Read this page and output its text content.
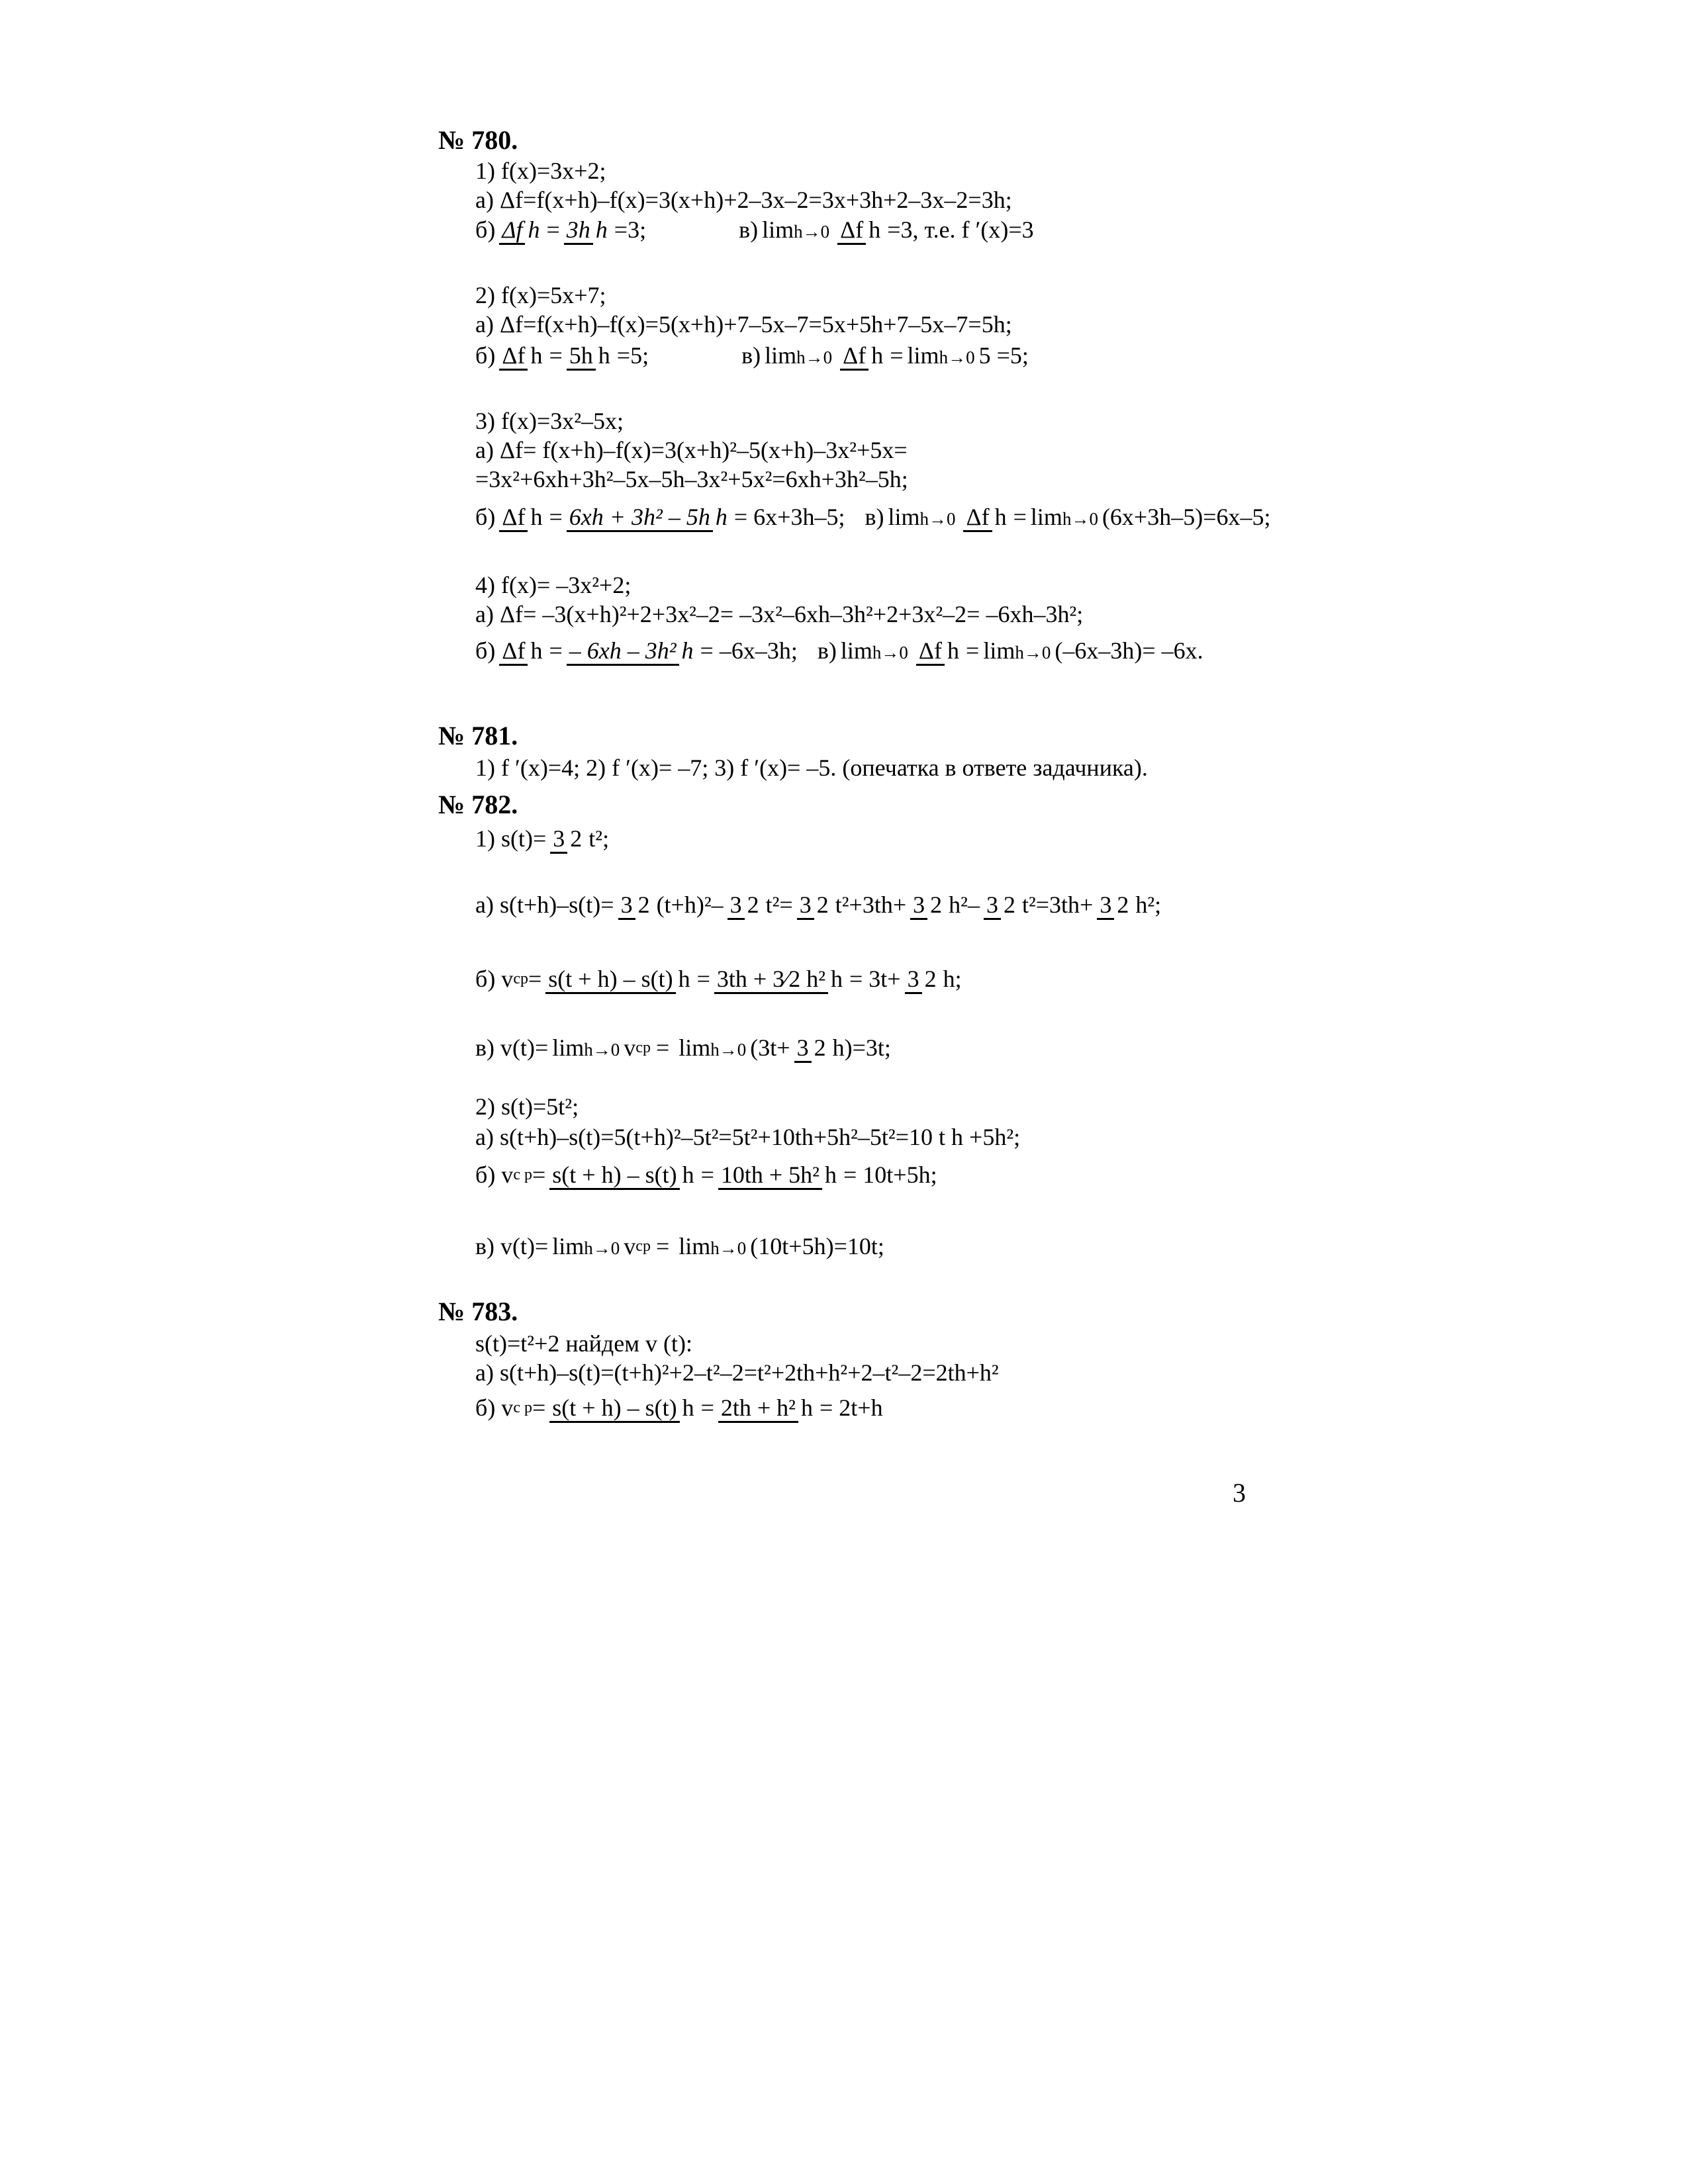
№ 780.
1) f(x)=3x+2;
а) Δf=f(x+h)–f(x)=3(x+h)+2–3x–2=3x+3h+2–3x–2=3h;
б) Δf h = 3h h =3;	в) limh→0 Δf h =3, т.е. f ′(x)=3
2) f(x)=5x+7;
а) Δf=f(x+h)–f(x)=5(x+h)+7–5x–7=5x+5h+7–5x–7=5h;
б) Δf h = 5h h =5;	в) limh→0 Δf h = limh→0 5 =5;
3) f(x)=3x²–5x;
а) Δf= f(x+h)–f(x)=3(x+h)²–5(x+h)–3x²+5x=
=3x²+6xh+3h²–5x–5h–3x²+5x²=6xh+3h²–5h;
б) Δf h = 6xh + 3h² – 5h h = 6x+3h–5; в) limh→0 Δf h = limh→0 (6x+3h–5)=6x–5;
4) f(x)= –3x²+2;
а) Δf= –3(x+h)²+2+3x²–2= –3x²–6xh–3h²+2+3x²–2= –6xh–3h²;
б) Δf h = – 6xh – 3h² h = –6x–3h; в) limh→0 Δf h = limh→0 (–6x–3h)= –6x.
№ 781.
1) f ′(x)=4; 2) f ′(x)= –7; 3) f ′(x)= –5. (опечатка в ответе задачника).
№ 782.
1) s(t)= 3 2 t²;
а) s(t+h)–s(t)= 3 2 (t+h)²– 3 2 t²= 3 2 t²+3th+ 3 2 h²– 3 2 t²=3th+ 3 2 h²;
б) v ср = s(t + h) – s(t) h = 3th + 3⁄2 h² h = 3t+ 3 2 h;
в) v(t)= limh→0 v ср = limh→0 (3t+ 3 2 h)=3t;
2) s(t)=5t²;
а) s(t+h)–s(t)=5(t+h)²–5t²=5t²+10th+5h²–5t²=10 t h +5h²;
б) v c p = s(t + h) – s(t) h = 10th + 5h² h = 10t+5h;
в) v(t)= limh→0 v ср = limh→0 (10t+5h)=10t;
№ 783.
s(t)=t²+2 найдем v (t):
а) s(t+h)–s(t)=(t+h)²+2–t²–2=t²+2th+h²+2–t²–2=2th+h²
б) v c p = s(t + h) – s(t) h = 2th + h² h = 2t+h
3
